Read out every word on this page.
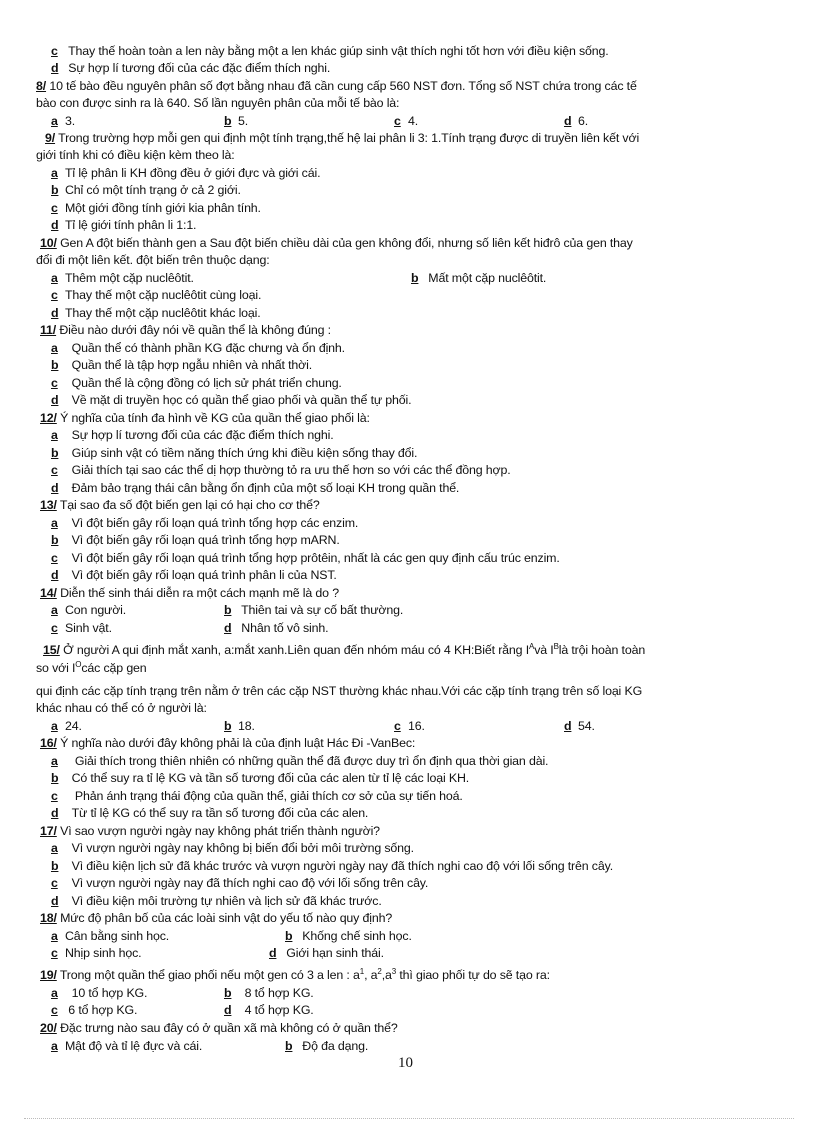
c Thay thế hoàn toàn a len này bằng một a len khác giúp sinh vật thích nghi tốt hơn với điều kiện sống.
d Sự hợp lí tương đối của các đặc điểm thích nghi.
8/ 10 tế bào đều nguyên phân số đợt bằng nhau đã cần cung cấp 560 NST đơn. Tổng số NST chứa trong các tế
bào con được sinh ra là 640. Số lần nguyên phân của mỗi tế bào là:
a 3.	b 5.	c 4.	d 6.
9/ Trong trường hợp mỗi gen qui định một tính trạng,thế hệ lai phân li 3: 1.Tính trạng được di truyền liên kết với
giới tính khi có điều kiện kèm theo là:
a Tỉ lệ phân li KH đồng đều ở giới đực và giới cái.
b Chỉ có một tính trạng ở cả 2 giới.
c Một giới đồng tính giới kia phân tính.
d Tỉ lệ giới tính phân li 1:1.
10/ Gen A đột biến thành gen a Sau đột biến chiều dài của gen không đổi, nhưng số liên kết hiđrô của gen thay
đổi đi một liên kết. đột biến trên thuộc dạng:
a Thêm một cặp nuclêôtit.	b Mất một cặp nuclêôtit.
c Thay thế một cặp nuclêôtit cùng loại.
d Thay thế một cặp nuclêôtit khác loại.
11/ Điều nào dưới đây nói về quần thể là không đúng :
a Quần thể có thành phần KG đặc chưng và ổn định.
b Quần thể là tập hợp ngẫu nhiên và nhất thời.
c Quần thể là cộng đồng có lịch sử phát triển chung.
d Về mặt di truyền học có quần thể giao phối và quần thể tự phối.
12/ Ý nghĩa của tính đa hình về KG của quần thể giao phối là:
a Sự hợp lí tương đối của các đặc điểm thích nghi.
b Giúp sinh vật có tiềm năng thích ứng khi điều kiện sống thay đổi.
c Giải thích tại sao các thể dị hợp thường tỏ ra ưu thế hơn so với các thể đồng hợp.
d Đảm bảo trạng thái cân bằng ổn định của một số loại KH trong quần thể.
13/ Tại sao đa số đột biến gen lại có hại cho cơ thể?
a Vì đột biến gây rối loạn quá trình tổng hợp các enzim.
b Vì đột biến gây rối loạn quá trình tổng hợp mARN.
c Vì đột biến gây rối loạn quá trình tổng hợp prôtêin, nhất là các gen quy định cấu trúc enzim.
d Vì đột biến gây rối loạn quá trình phân li của NST.
14/ Diễn thế sinh thái diễn ra một cách mạnh mẽ là do ?
a Con người.	b Thiên tai và sự cố bất thường.
c Sinh vật.	d Nhân tố vô sinh.
15/ Ở người A qui định mắt xanh, a:mắt xanh.Liên quan đến nhóm máu có 4 KH:Biết rằng $I^Avà$ $I^Blà$ trội hoàn toàn
so với $I^Ocác$ cặp gen
qui định các cặp tính trạng trên nằm ở trên các cặp NST thường khác nhau.Với các cặp tính trạng trên số loại KG
khác nhau có thể có ở người là:
a 24.	b 18.	c 16.	d 54.
16/ Ý nghĩa nào dưới đây không phải là của định luật Hác Đi -VanBec:
a Giải thích trong thiên nhiên có những quần thể đã được duy trì ổn định qua thời gian dài.
b Có thể suy ra tỉ lệ KG và tần số tương đối của các alen từ tỉ lệ các loại KH.
c Phản ánh trạng thái động của quần thể, giải thích cơ sở của sự tiến hoá.
d Từ tỉ lệ KG có thể suy ra tần số tương đối của các alen.
17/ Vì sao vượn người ngày nay không phát triển thành người?
a Vì vượn người ngày nay không bị biến đổi bởi môi trường sống.
b Vì điều kiện lịch sử đã khác trước và vượn người ngày nay đã thích nghi cao độ với lối sống trên cây.
c Vì vượn người ngày nay đã thích nghi cao độ với lối sống trên cây.
d Vì điều kiện môi trường tự nhiên và lịch sử đã khác trước.
18/ Mức độ phân bố của các loài sinh vật do yếu tố nào quy định?
a Cân bằng sinh học.	b Khống chế sinh học.
c Nhịp sinh học.	d Giới hạn sinh thái.
19/ Trong một quần thể giao phối nếu một gen có 3 a len : $a^1$, $a^2,a^3$ thì giao phối tự do sẽ tạo ra:
a 10 tổ hợp KG.	b 8 tổ hợp KG.
c 6 tổ hợp KG.	d 4 tổ hợp KG.
20/ Đặc trưng nào sau đây có ở quần xã mà không có ở quần thể?
a Mật độ và tỉ lệ đực và cái.	b Độ đa dạng.
10
